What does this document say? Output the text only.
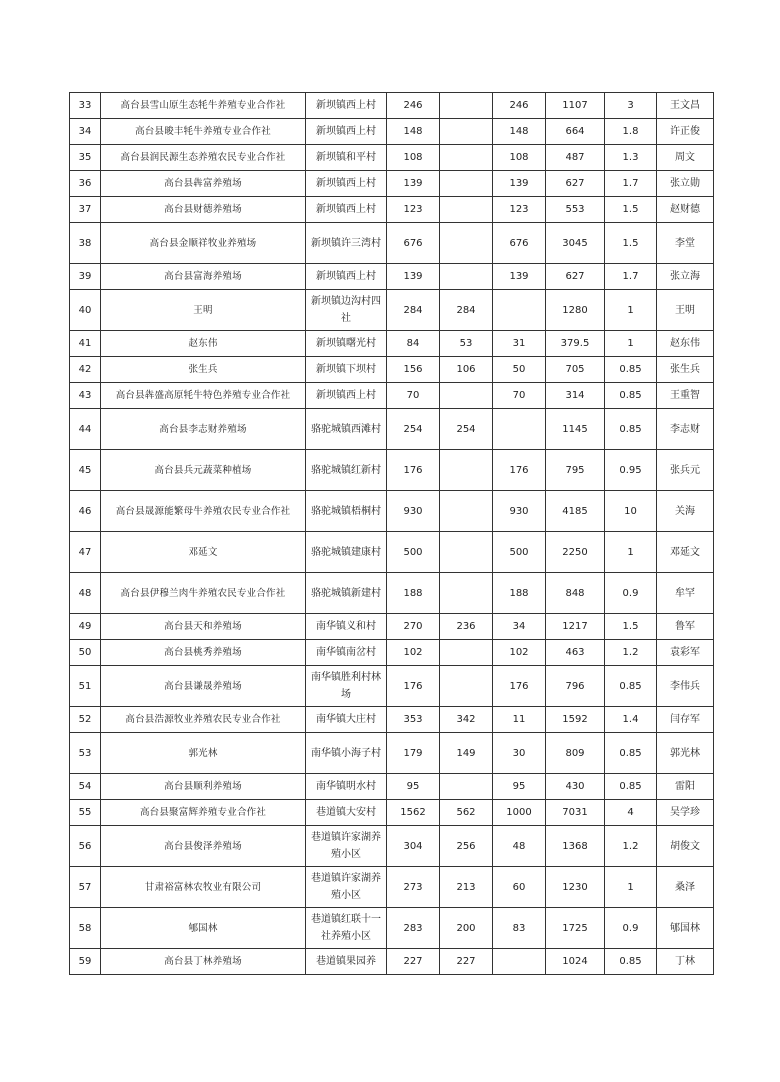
33	高台县雪山原生态牦牛养殖专业合作社	新坝镇西上村	246		246	1107	3	王文昌
34	高台县晙丰牦牛养殖专业合作社	新坝镇西上村	148		148	664	1.8	许正俊
35	高台县润民源生态养殖农民专业合作社	新坝镇和平村	108		108	487	1.3	周文
36	高台县犇富养殖场	新坝镇西上村	139		139	627	1.7	张立勋
37	高台县财德养殖场	新坝镇西上村	123		123	553	1.5	赵财德
38	高台县金顺祥牧业养殖场	新坝镇许三湾村	676		676	3045	1.5	李堂
39	高台县富海养殖场	新坝镇西上村	139		139	627	1.7	张立海
40	王明	新坝镇边沟村四社	284	284		1280	1	王明
41	赵东伟	新坝镇曙光村	84	53	31	379.5	1	赵东伟
42	张生兵	新坝镇下坝村	156	106	50	705	0.85	张生兵
43	高台县犇盛高原牦牛特色养殖专业合作社	新坝镇西上村	70		70	314	0.85	王重智
44	高台县李志财养殖场	骆驼城镇西滩村	254	254		1145	0.85	李志财
45	高台县兵元蔬菜种植场	骆驼城镇红新村	176		176	795	0.95	张兵元
46	高台县晟源能繁母牛养殖农民专业合作社	骆驼城镇梧桐村	930		930	4185	10	关海
47	邓延文	骆驼城镇建康村	500		500	2250	1	邓延文
48	高台县伊穆兰肉牛养殖农民专业合作社	骆驼城镇新建村	188		188	848	0.9	牟罕
49	高台县天和养殖场	南华镇义和村	270	236	34	1217	1.5	鲁军
50	高台县桃秀养殖场	南华镇南岔村	102		102	463	1.2	袁彩军
51	高台县谦晟养殖场	南华镇胜利村林场	176		176	796	0.85	李伟兵
52	高台县浩源牧业养殖农民专业合作社	南华镇大庄村	353	342	11	1592	1.4	闫存军
53	郭光林	南华镇小海子村	179	149	30	809	0.85	郭光林
54	高台县顺利养殖场	南华镇明水村	95		95	430	0.85	雷阳
55	高台县聚富辉养殖专业合作社	巷道镇大安村	1562	562	1000	7031	4	吴学珍
56	高台县俊泽养殖场	巷道镇许家湖养殖小区	304	256	48	1368	1.2	胡俊文
57	甘肃裕富林农牧业有限公司	巷道镇许家湖养殖小区	273	213	60	1230	1	桑泽
58	郇国林	巷道镇红联十一社养殖小区	283	200	83	1725	0.9	郇国林
59	高台县丁林养殖场	巷道镇果园养	227	227		1024	0.85	丁林
